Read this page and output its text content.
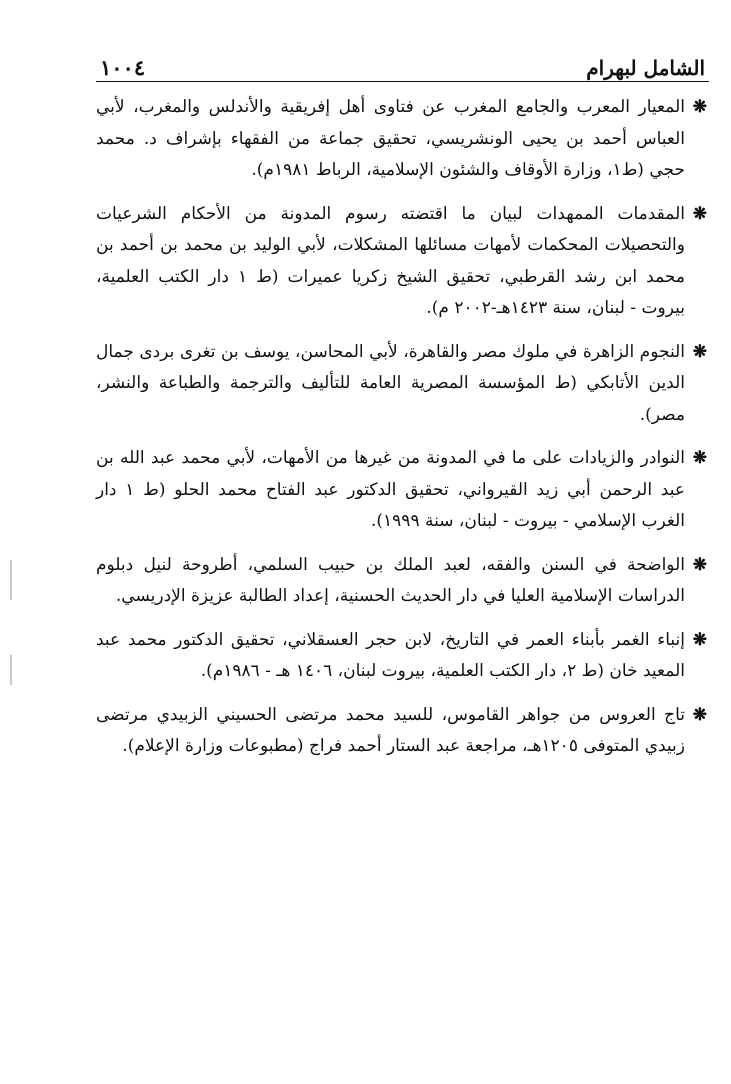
١٠٠٤	الشامل لبهرام
❋
المعيار المعرب والجامع المغرب عن فتاوى أهل إفريقية والأندلس والمغرب، لأبي العباس أحمد بن يحيى الونشريسي، تحقيق جماعة من الفقهاء بإشراف د. محمد حجي (ط١، وزارة الأوقاف والشئون الإسلامية، الرباط ١٩٨١م).
❋
المقدمات الممهدات لبيان ما اقتضته رسوم المدونة من الأحكام الشرعيات والتحصيلات المحكمات لأمهات مسائلها المشكلات، لأبي الوليد بن محمد بن أحمد بن محمد ابن رشد القرطبي، تحقيق الشيخ زكريا عميرات (ط ١ دار الكتب العلمية، بيروت - لبنان، سنة ١٤٢٣هـ-٢٠٠٢ م).
❋
النجوم الزاهرة في ملوك مصر والقاهرة، لأبي المحاسن، يوسف بن تغرى بردى جمال الدين الأتابكي (ط المؤسسة المصرية العامة للتأليف والترجمة والطباعة والنشر، مصر).
❋
النوادر والزيادات على ما في المدونة من غيرها من الأمهات، لأبي محمد عبد الله بن عبد الرحمن أبي زيد القيرواني، تحقيق الدكتور عبد الفتاح محمد الحلو (ط ١ دار الغرب الإسلامي - بيروت - لبنان، سنة ١٩٩٩).
❋
الواضحة في السنن والفقه، لعبد الملك بن حبيب السلمي، أطروحة لنيل دبلوم الدراسات الإسلامية العليا في دار الحديث الحسنية، إعداد الطالبة عزيزة الإدريسي.
❋
إنباء الغمر بأبناء العمر في التاريخ، لابن حجر العسقلاني، تحقيق الدكتور محمد عبد المعيد خان (ط ٢، دار الكتب العلمية، بيروت لبنان، ١٤٠٦ هـ - ١٩٨٦م).
❋
تاج العروس من جواهر القاموس، للسيد محمد مرتضى الحسيني الزبيدي مرتضى زبيدي المتوفى ١٢٠٥هـ، مراجعة عبد الستار أحمد فراج (مطبوعات وزارة الإعلام).
